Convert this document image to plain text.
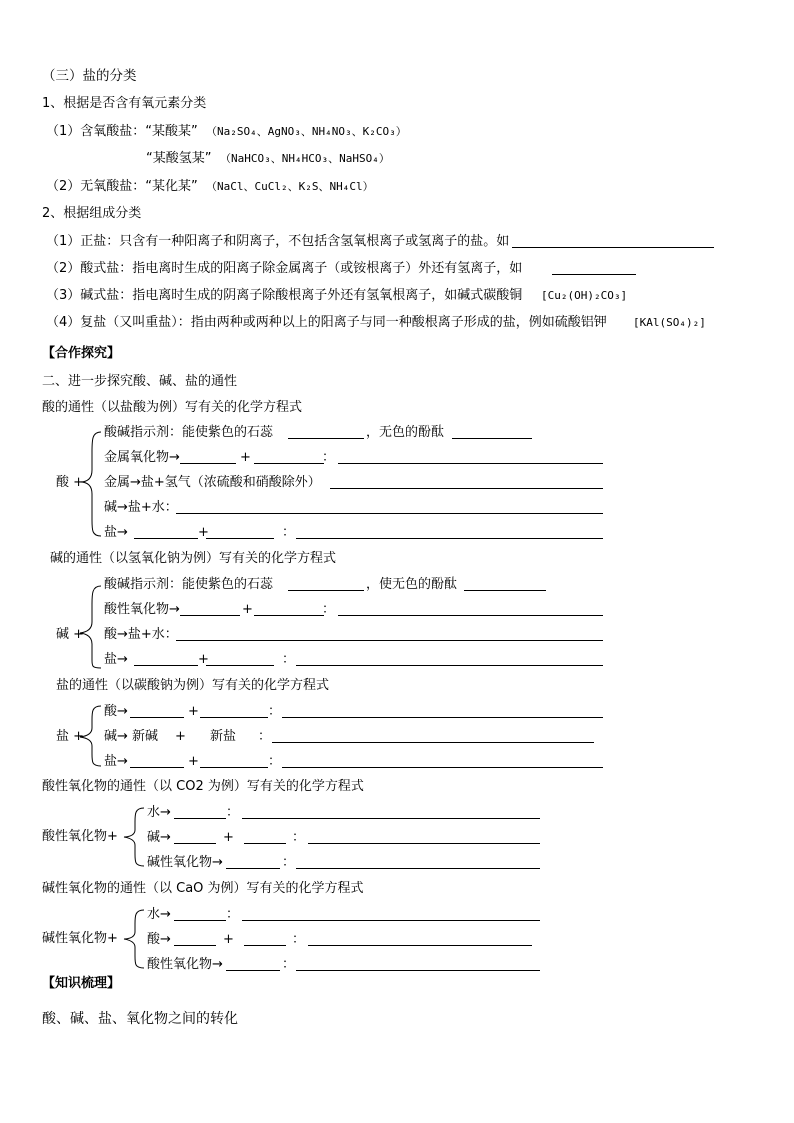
（三）盐的分类
1、根据是否含有氧元素分类
（1）含氧酸盐：“某酸某” （Na₂SO₄、AgNO₃、NH₄NO₃、K₂CO₃）
“某酸氢某” （NaHCO₃、NH₄HCO₃、NaHSO₄）
（2）无氧酸盐：“某化某” （NaCl、CuCl₂、K₂S、NH₄Cl）
2、根据组成分类
（1）正盐：只含有一种阳离子和阴离子，不包括含氢氧根离子或氢离子的盐。如
（2）酸式盐：指电离时生成的阳离子除金属离子（或铵根离子）外还有氢离子，如
（3）碱式盐：指电离时生成的阴离子除酸根离子外还有氢氧根离子，如碱式碳酸铜 [Cu₂(OH)₂CO₃]
（4）复盐（又叫重盐）：指由两种或两种以上的阳离子与同一种酸根离子形成的盐，例如硫酸铝钾 [KAl(SO₄)₂]
【合作探究】
二、进一步探究酸、碱、盐的通性
酸的通性（以盐酸为例）写有关的化学方程式
酸 +
酸碱指示剂：能使紫色的石蕊	，无色的酚酞
金属氧化物→	+	：
金属→盐+氢气（浓硫酸和硝酸除外）
碱→盐+水：
盐→	+	：
碱的通性（以氢氧化钠为例）写有关的化学方程式
碱 +
酸碱指示剂：能使紫色的石蕊	，使无色的酚酞
酸性氧化物→	+	：
酸→盐+水：
盐→	+	：
盐的通性（以碳酸钠为例）写有关的化学方程式
盐 +
酸→	+	：
碱→ 新碱 + 新盐 ：
盐→	+	：
酸性氧化物的通性（以 CO2 为例）写有关的化学方程式
酸性氧化物+
水→	：
碱→	+	：
碱性氧化物→	：
碱性氧化物的通性（以 CaO 为例）写有关的化学方程式
碱性氧化物+
水→	：
酸→	+	：
酸性氧化物→	：
【知识梳理】
酸、碱、盐、氧化物之间的转化
